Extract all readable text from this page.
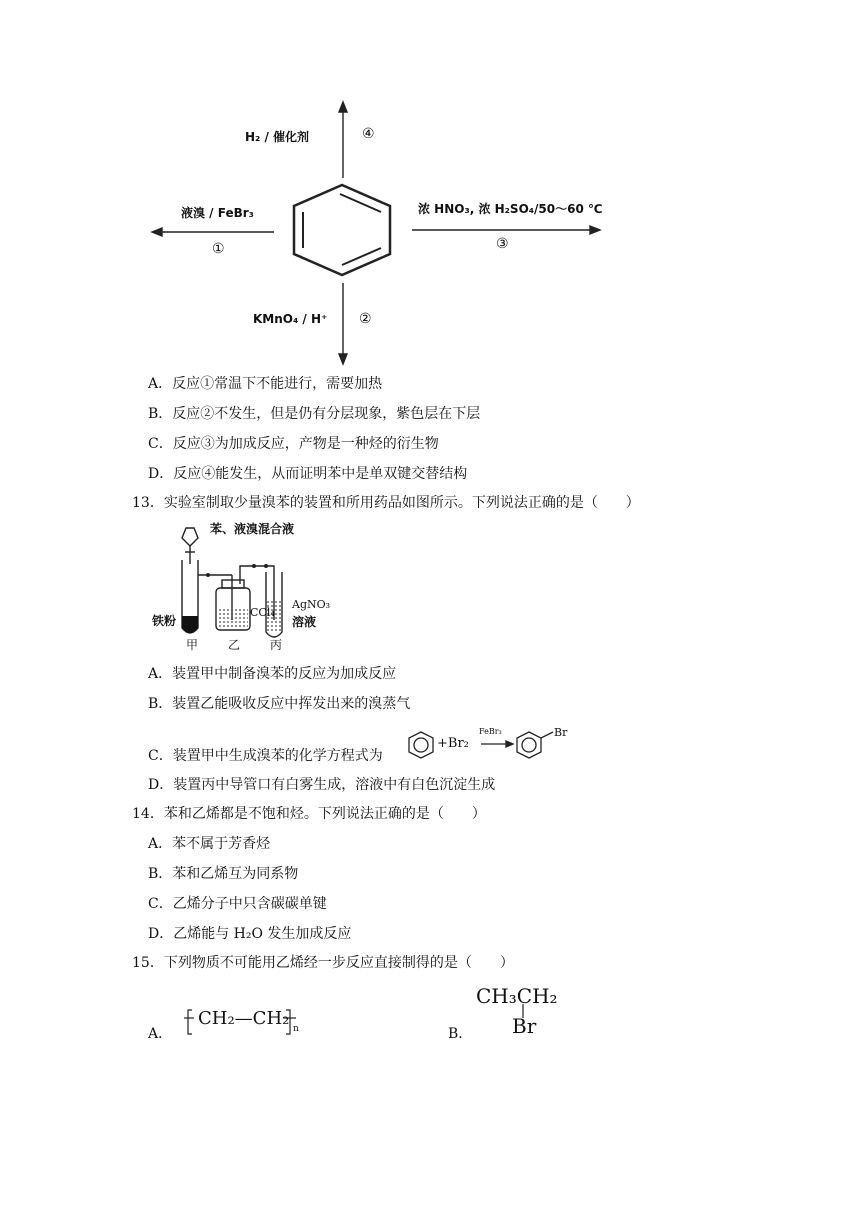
H₂ / 催化剂	④
液溴 / FeBr₃
①
浓 HNO₃, 浓 H₂SO₄/50～60 ℃
③
KMnO₄ / H⁺ ②
A．反应①常温下不能进行，需要加热
B．反应②不发生，但是仍有分层现象，紫色层在下层
C．反应③为加成反应，产物是一种烃的衍生物
D．反应④能发生，从而证明苯中是单双键交替结构
13．实验室制取少量溴苯的装置和所用药品如图所示。下列说法正确的是（　　）
苯、液溴混合液
铁粉
CCl₄
AgNO₃
溶液
甲 乙 丙
A．装置甲中制备溴苯的反应为加成反应
B．装置乙能吸收反应中挥发出来的溴蒸气
C．装置甲中生成溴苯的化学方程式为
+Br₂
FeBr₃	Br
D．装置丙中导管口有白雾生成，溶液中有白色沉淀生成
14．苯和乙烯都是不饱和烃。下列说法正确的是（　　）
A．苯不属于芳香烃
B．苯和乙烯互为同系物
C．乙烯分子中只含碳碳单键
D．乙烯能与 H₂O 发生加成反应
15．下列物质不可能用乙烯经一步反应直接制得的是（　　）
A．
CH₂—CH₂ n	B．
CH₃CH₂
Br
